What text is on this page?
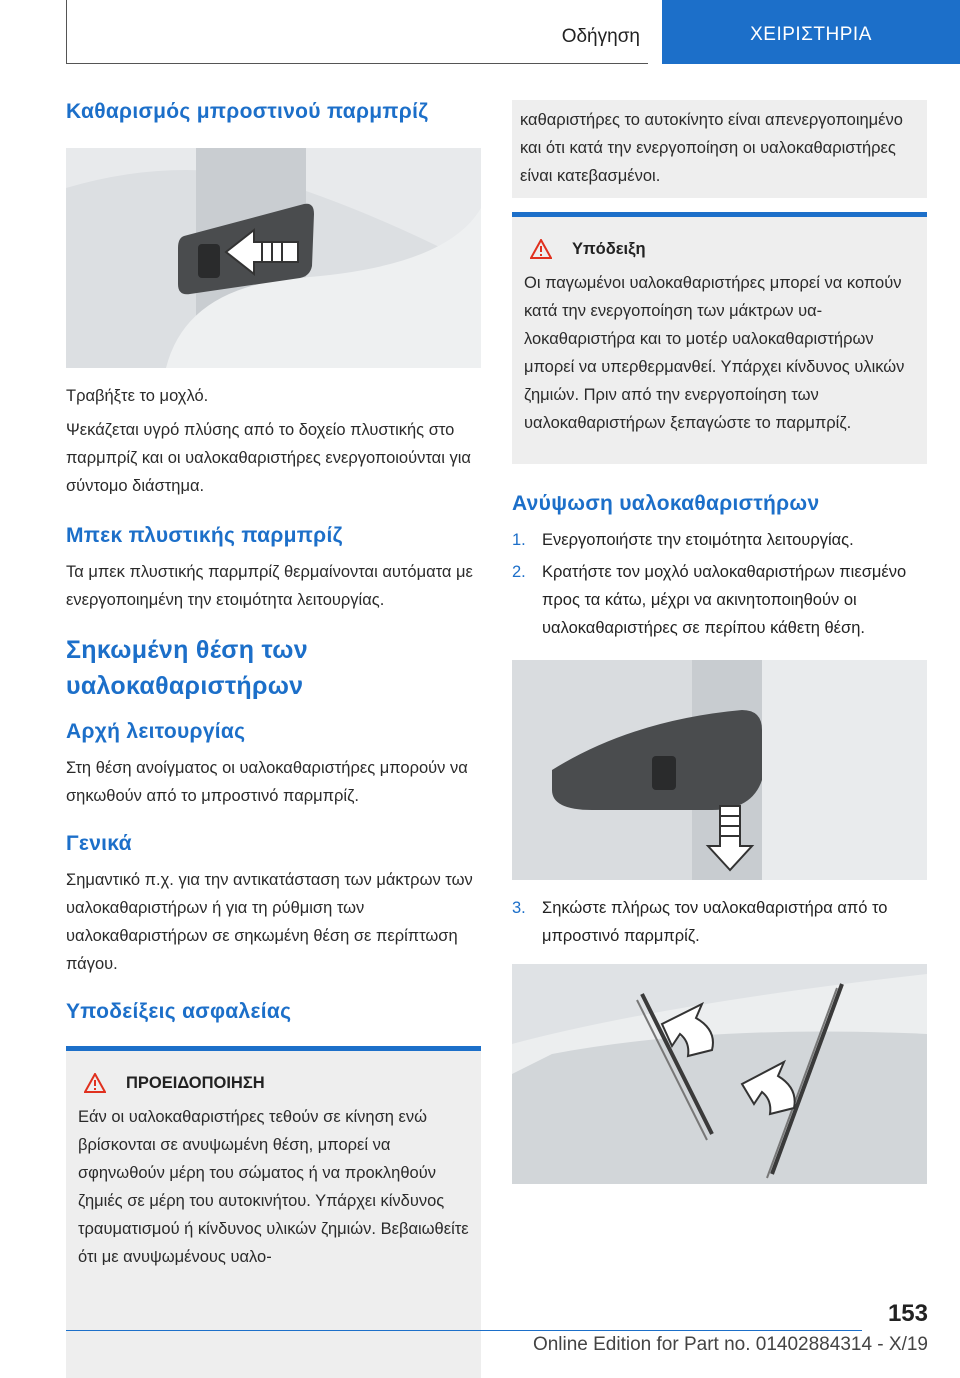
Οδήγηση	ΧΕΙΡΙΣΤΗΡΙΑ
Καθαρισμός μπροστινού παρμπρίζ

Τραβήξτε το μοχλό.

Ψεκάζεται υγρό πλύσης από το δοχείο πλυστικής στο παρμπρίζ και οι υαλοκαθαριστήρες ενεργοποιούνται για σύντομο διάστημα.

Μπεκ πλυστικής παρμπρίζ

Τα μπεκ πλυστικής παρμπρίζ θερμαίνονται αυτόματα με ενεργοποιημένη την ετοιμότητα λειτουργίας.

Σηκωμένη θέση των υαλοκαθαριστήρων
Αρχή λειτουργίας

Στη θέση ανοίγματος οι υαλοκαθαριστήρες μπορούν να σηκωθούν από το μπροστινό παρμπρίζ.

Γενικά

Σημαντικό π.χ. για την αντικατάσταση των μάκτρων των υαλοκαθαριστήρων ή για τη ρύθμιση των υαλοκαθαριστήρων σε σηκωμένη θέση σε περίπτωση πάγου.

Υποδείξεις ασφαλείας
ΠΡΟΕΙΔΟΠΟΙΗΣΗ

Εάν οι υαλοκαθαριστήρες τεθούν σε κίνηση ενώ βρίσκονται σε ανυψωμένη θέση, μπορεί να σφηνωθούν μέρη του σώματος ή να προκληθούν ζημιές σε μέρη του αυτοκινήτου. Υπάρχει κίνδυνος τραυματισμού ή κίνδυνος υλικών ζημιών. Βεβαιωθείτε ότι με ανυψωμένους υαλο-

καθαριστήρες το αυτοκίνητο είναι απενεργοποιημένο και ότι κατά την ενεργοποίηση οι υαλοκαθαριστήρες είναι κατεβασμένοι.

Υπόδειξη

Οι παγωμένοι υαλοκαθαριστήρες μπορεί να κοπούν κατά την ενεργοποίηση των μάκτρων υαλοκαθαριστήρα και το μοτέρ υαλοκαθαριστήρων μπορεί να υπερθερμανθεί. Υπάρχει κίνδυνος υλικών ζημιών. Πριν από την ενεργοποίηση των υαλοκαθαριστήρων ξεπαγώστε το παρμπρίζ.

Ανύψωση υαλοκαθαριστήρων
1. Ενεργοποιήστε την ετοιμότητα λειτουργίας.
2. Κρατήστε τον μοχλό υαλοκαθαριστήρων πιεσμένο προς τα κάτω, μέχρι να ακινητοποιηθούν οι υαλοκαθαριστήρες σε περίπου κάθετη θέση.
3. Σηκώστε πλήρως τον υαλοκαθαριστήρα από το μπροστινό παρμπρίζ.
153
Online Edition for Part no. 01402884314 - X/19
